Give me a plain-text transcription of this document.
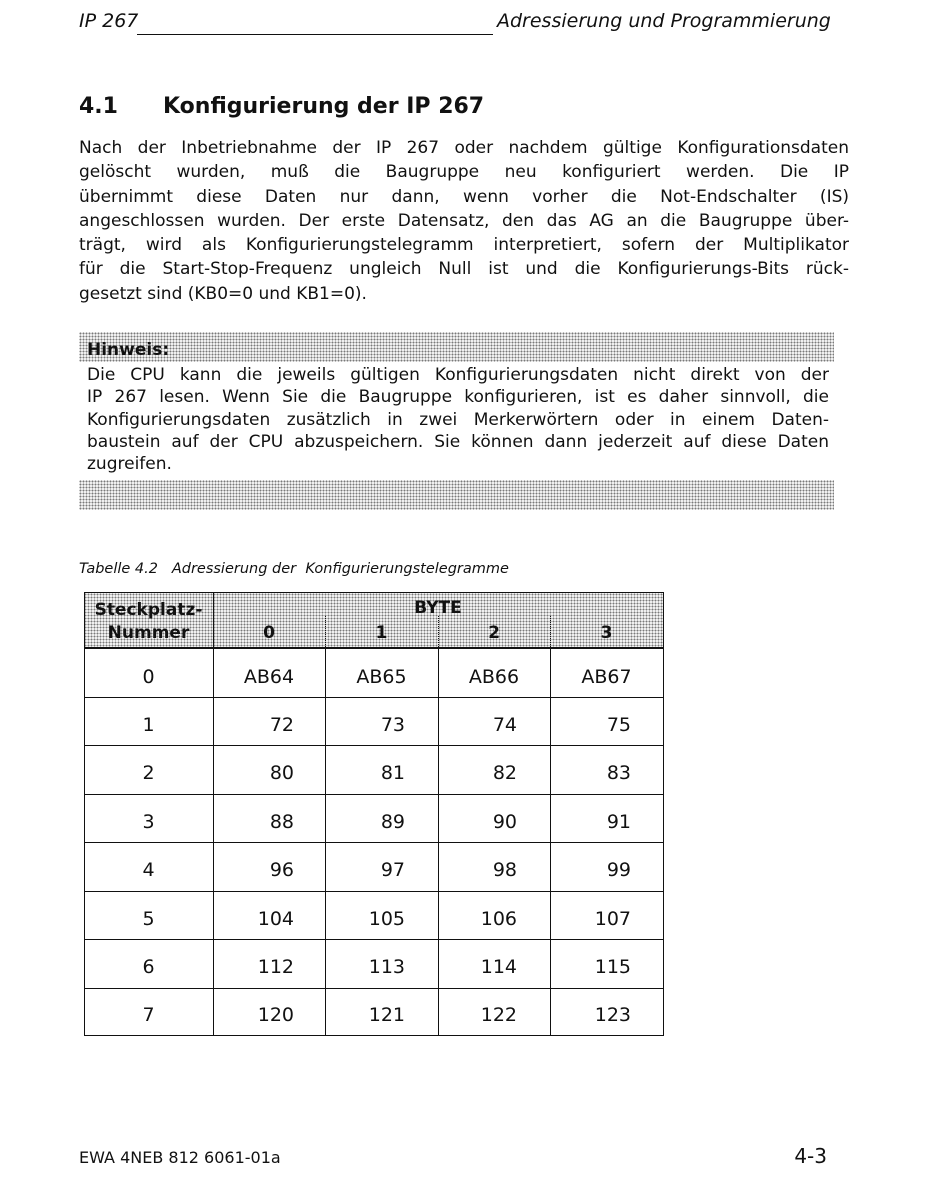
IP 267	Adressierung und Programmierung
4.1 Konfigurierung der IP 267
Nach der Inbetriebnahme der IP 267 oder nachdem gültige Konfigurationsdaten
gelöscht wurden, muß die Baugruppe neu konfiguriert werden. Die IP
übernimmt diese Daten nur dann, wenn vorher die Not-Endschalter (IS)
angeschlossen wurden. Der erste Datensatz, den das AG an die Baugruppe über-
trägt, wird als Konfigurierungstelegramm interpretiert, sofern der Multiplikator
für die Start-Stop-Frequenz ungleich Null ist und die Konfigurierungs-Bits rück-
gesetzt sind (KB0=0 und KB1=0).
Hinweis:
Die CPU kann die jeweils gültigen Konfigurierungsdaten nicht direkt von der
IP 267 lesen. Wenn Sie die Baugruppe konfigurieren, ist es daher sinnvoll, die
Konfigurierungsdaten zusätzlich in zwei Merkerwörtern oder in einem Daten-
baustein auf der CPU abzuspeichern. Sie können dann jederzeit auf diese Daten
zugreifen.
Tabelle 4.2   Adressierung der  Konfigurierungstelegramme
Steckplatz-
Nummer
BYTE
0	1	2	3
0	AB64	AB65	AB66	AB67
1	72	73	74	75
2	80	81	82	83
3	88	89	90	91
4	96	97	98	99
5	104	105	106	107
6	112	113	114	115
7	120	121	122	123
EWA 4NEB 812 6061-01a	4-3
